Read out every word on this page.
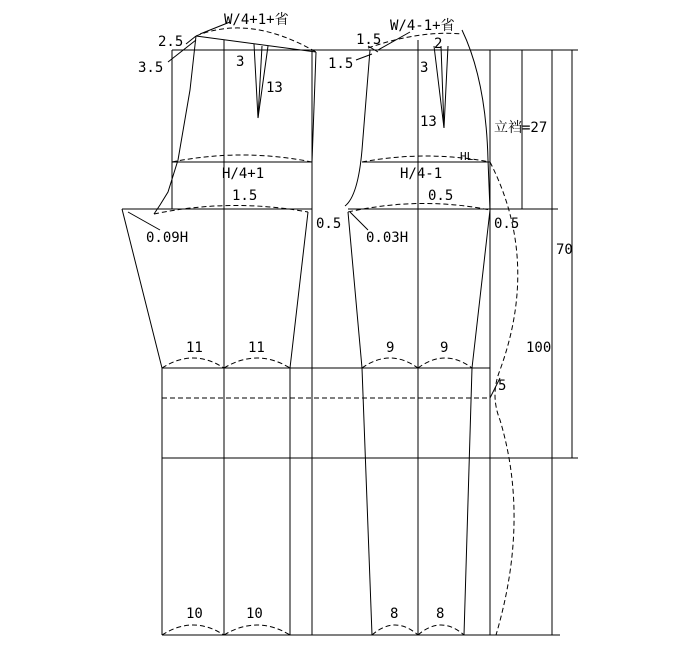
W/4+1+省
2.5
3.5	3
13
H/4+1
1.5
0.09H
0.5
11	11
10	10
W/4-1+省
1.5
1.5
2
3
13
H/4-1
HL
0.5
0.03H
0.5
9	9
8	8
立裆=27
70
100
5
